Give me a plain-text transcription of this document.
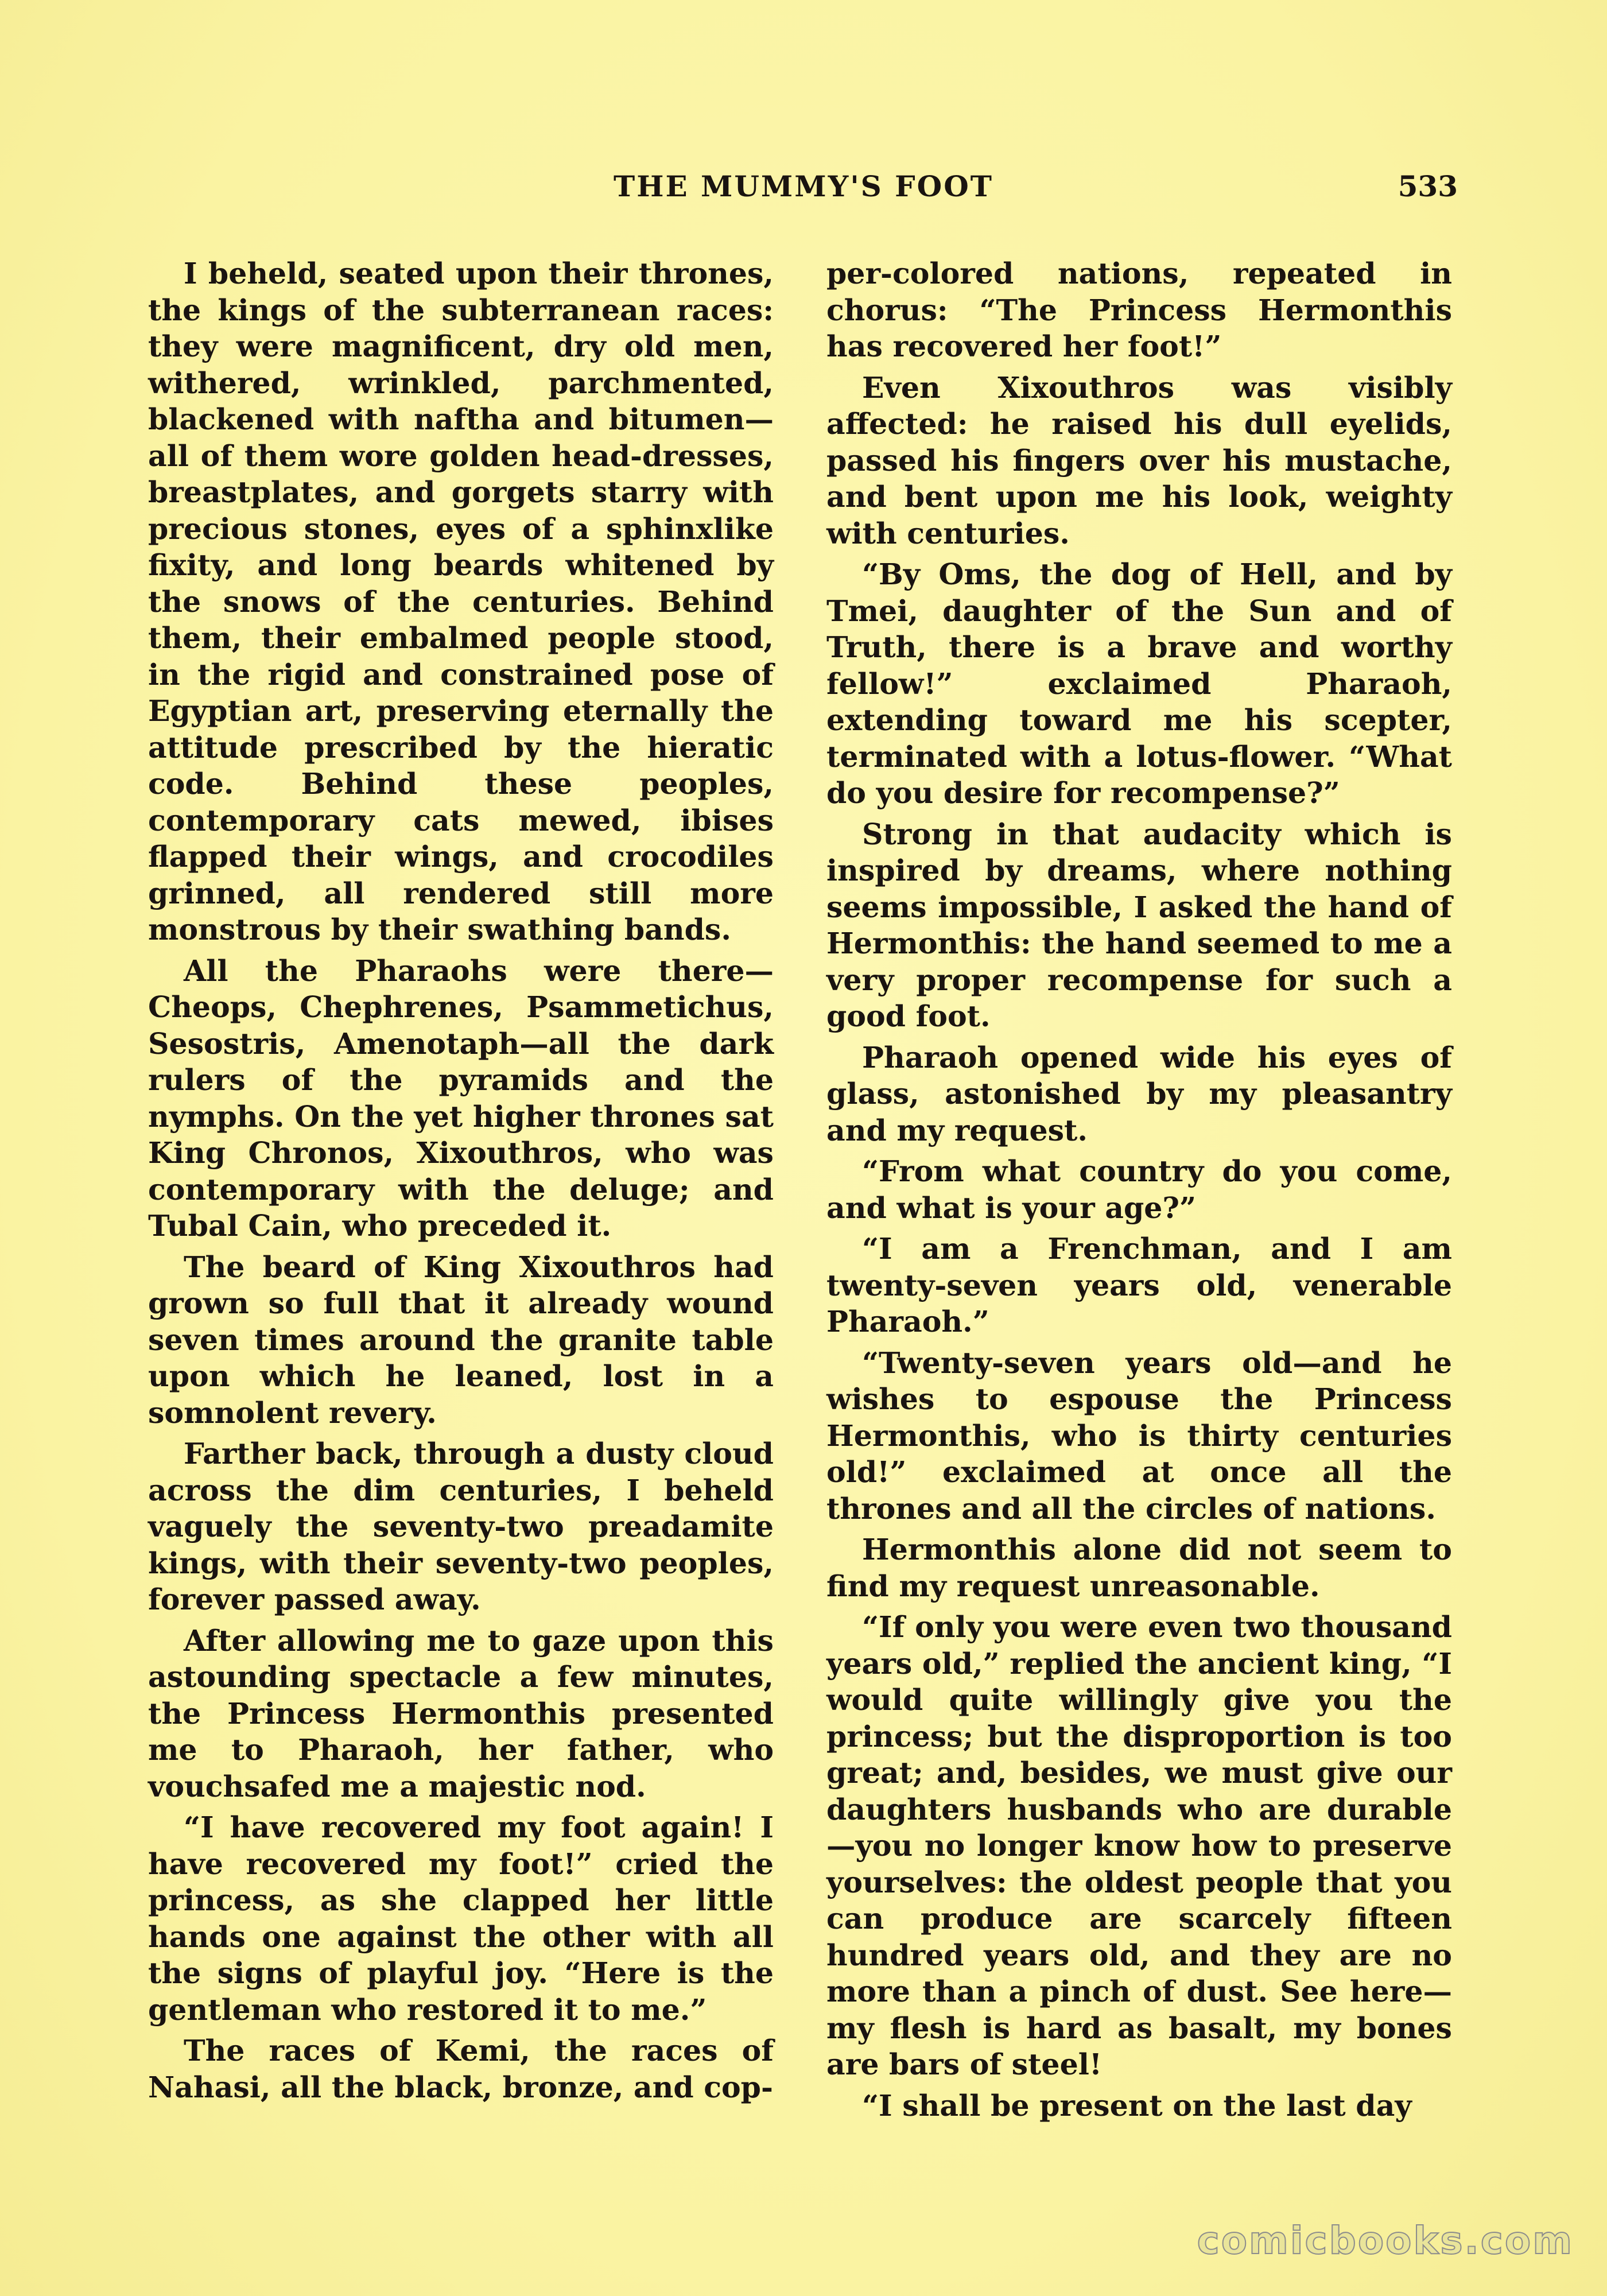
THE MUMMY'S FOOT	533

I beheld, seated upon their thrones, the kings of the subterranean races: they were magnificent, dry old men, withered, wrinkled, parchmented, blackened with naftha and bitumen—all of them wore golden head-dresses, breastplates, and gorgets starry with precious stones, eyes of a sphinxlike fixity, and long beards whitened by the snows of the centuries. Behind them, their embalmed people stood, in the rigid and constrained pose of Egyptian art, preserving eternally the attitude prescribed by the hieratic code. Behind these peoples, contemporary cats mewed, ibises flapped their wings, and crocodiles grinned, all rendered still more monstrous by their swathing bands.

All the Pharaohs were there—Cheops, Chephrenes, Psammetichus, Sesostris, Amenotaph—all the dark rulers of the pyramids and the nymphs. On the yet higher thrones sat King Chronos, Xixouthros, who was contemporary with the deluge; and Tubal Cain, who preceded it.

The beard of King Xixouthros had grown so full that it already wound seven times around the granite table upon which he leaned, lost in a somnolent revery.

Farther back, through a dusty cloud across the dim centuries, I beheld vaguely the seventy-two preadamite kings, with their seventy-two peoples, forever passed away.

After allowing me to gaze upon this astounding spectacle a few minutes, the Princess Hermonthis presented me to Pharaoh, her father, who vouchsafed me a majestic nod.

“I have recovered my foot again! I have recovered my foot!” cried the princess, as she clapped her little hands one against the other with all the signs of playful joy. “Here is the gentleman who restored it to me.”

The races of Kemi, the races of Nahasi, all the black, bronze, and cop-

per-colored nations, repeated in chorus: “The Princess Hermonthis has recovered her foot!”

Even Xixouthros was visibly affected: he raised his dull eyelids, passed his fingers over his mustache, and bent upon me his look, weighty with centuries.

“By Oms, the dog of Hell, and by Tmei, daughter of the Sun and of Truth, there is a brave and worthy fellow!” exclaimed Pharaoh, extending toward me his scepter, terminated with a lotus-flower. “What do you desire for recompense?”

Strong in that audacity which is inspired by dreams, where nothing seems impossible, I asked the hand of Hermonthis: the hand seemed to me a very proper recompense for such a good foot.

Pharaoh opened wide his eyes of glass, astonished by my pleasantry and my request.

“From what country do you come, and what is your age?”

“I am a Frenchman, and I am twenty-seven years old, venerable Pharaoh.”

“Twenty-seven years old—and he wishes to espouse the Princess Hermonthis, who is thirty centuries old!” exclaimed at once all the thrones and all the circles of nations.

Hermonthis alone did not seem to find my request unreasonable.

“If only you were even two thousand years old,” replied the ancient king, “I would quite willingly give you the princess; but the disproportion is too great; and, besides, we must give our daughters husbands who are durable—you no longer know how to preserve yourselves: the oldest people that you can produce are scarcely fifteen hundred years old, and they are no more than a pinch of dust. See here—my flesh is hard as basalt, my bones are bars of steel!

“I shall be present on the last day

comicbooks.com
